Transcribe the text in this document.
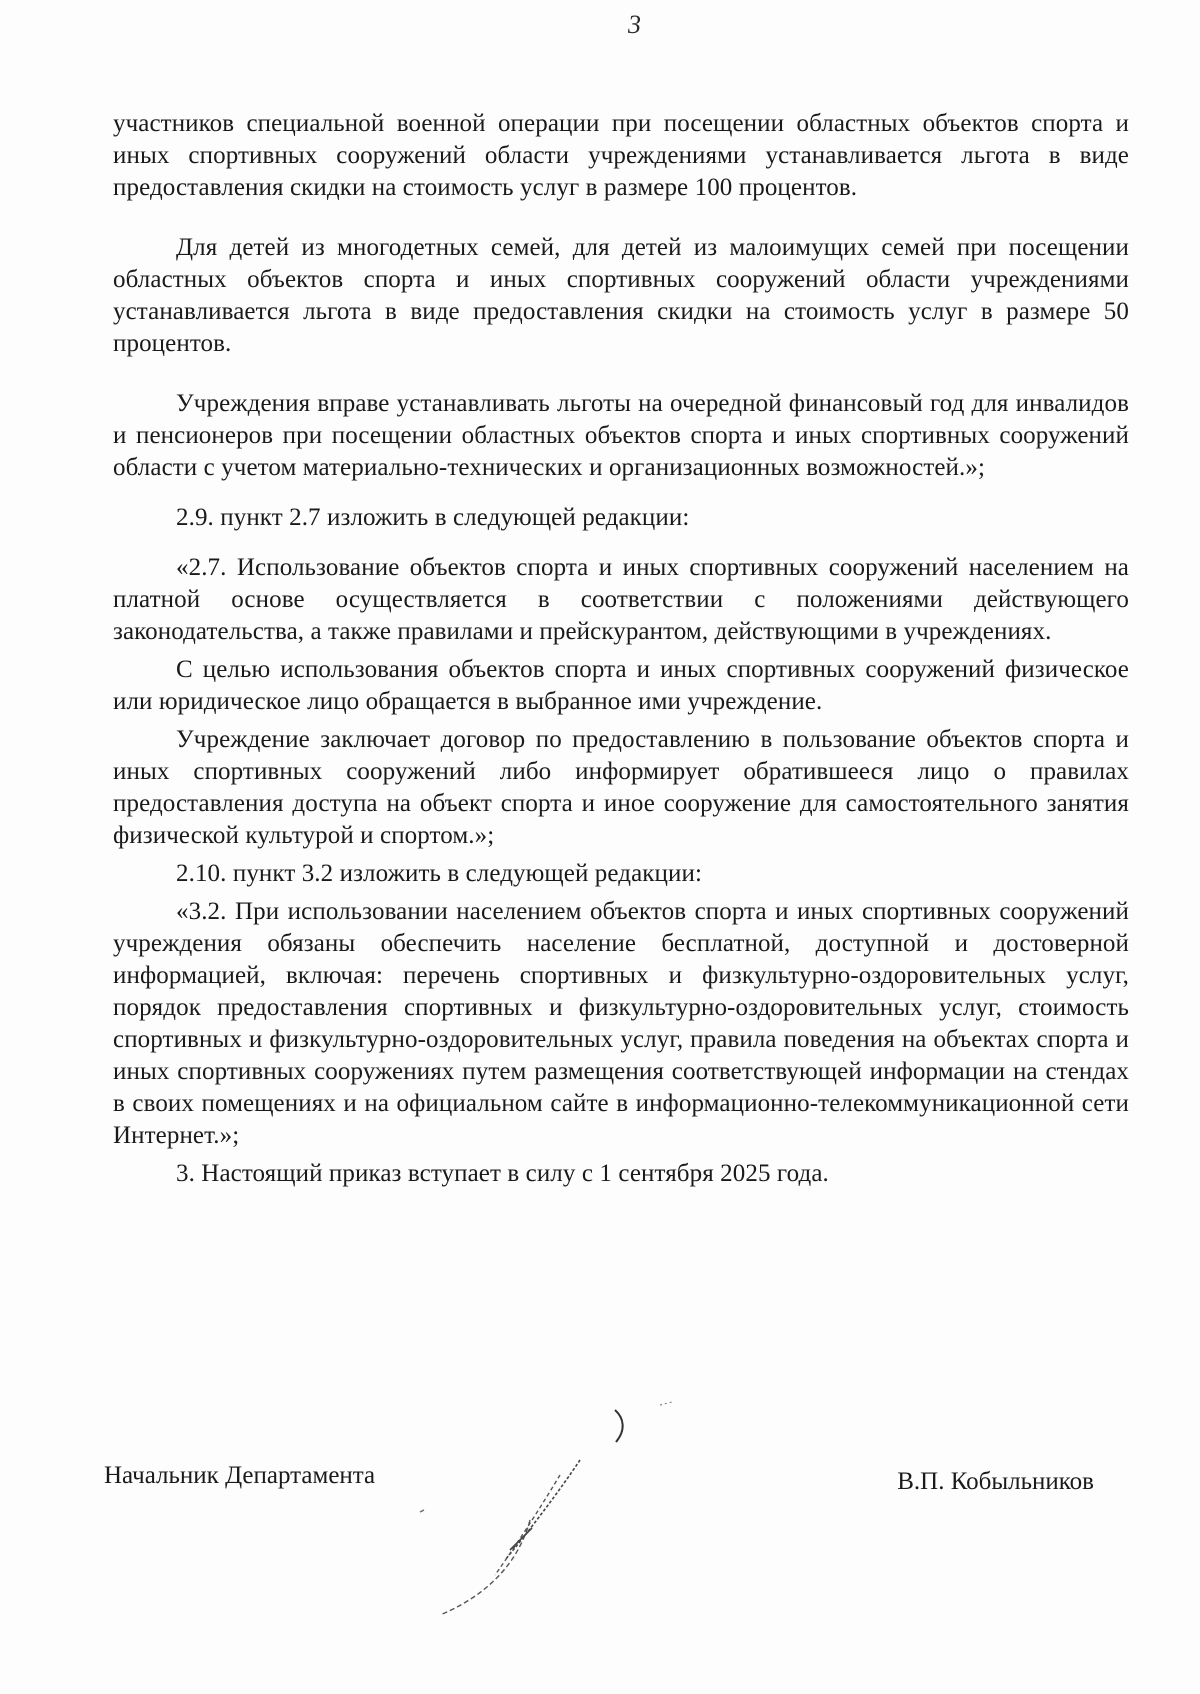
3

участников специальной военной операции при посещении областных объектов спорта и иных спортивных сооружений области учреждениями устанавливается льгота в виде предоставления скидки на стоимость услуг в размере 100 процентов.

Для детей из многодетных семей, для детей из малоимущих семей при посещении областных объектов спорта и иных спортивных сооружений области учреждениями устанавливается льгота в виде предоставления скидки на стоимость услуг в размере 50 процентов.

Учреждения вправе устанавливать льготы на очередной финансовый год для инвалидов и пенсионеров при посещении областных объектов спорта и иных спортивных сооружений области с учетом материально-технических и организационных возможностей.»;

2.9. пункт 2.7 изложить в следующей редакции:

«2.7. Использование объектов спорта и иных спортивных сооружений населением на платной основе осуществляется в соответствии с положениями действующего законодательства, а также правилами и прейскурантом, действующими в учреждениях.

С целью использования объектов спорта и иных спортивных сооружений физическое или юридическое лицо обращается в выбранное ими учреждение.

Учреждение заключает договор по предоставлению в пользование объектов спорта и иных спортивных сооружений либо информирует обратившееся лицо о правилах предоставления доступа на объект спорта и иное сооружение для самостоятельного занятия физической культурой и спортом.»;

2.10. пункт 3.2 изложить в следующей редакции:

«3.2. При использовании населением объектов спорта и иных спортивных сооружений учреждения обязаны обеспечить население бесплатной, доступной и достоверной информацией, включая: перечень спортивных и физкультурно-оздоровительных услуг, порядок предоставления спортивных и физкультурно-оздоровительных услуг, стоимость спортивных и физкультурно-оздоровительных услуг, правила поведения на объектах спорта и иных спортивных сооружениях путем размещения соответствующей информации на стендах в своих помещениях и на официальном сайте в информационно-телекоммуникационной сети Интернет.»;

3. Настоящий приказ вступает в силу с 1 сентября 2025 года.

Начальник Департамента	В.П. Кобыльников
